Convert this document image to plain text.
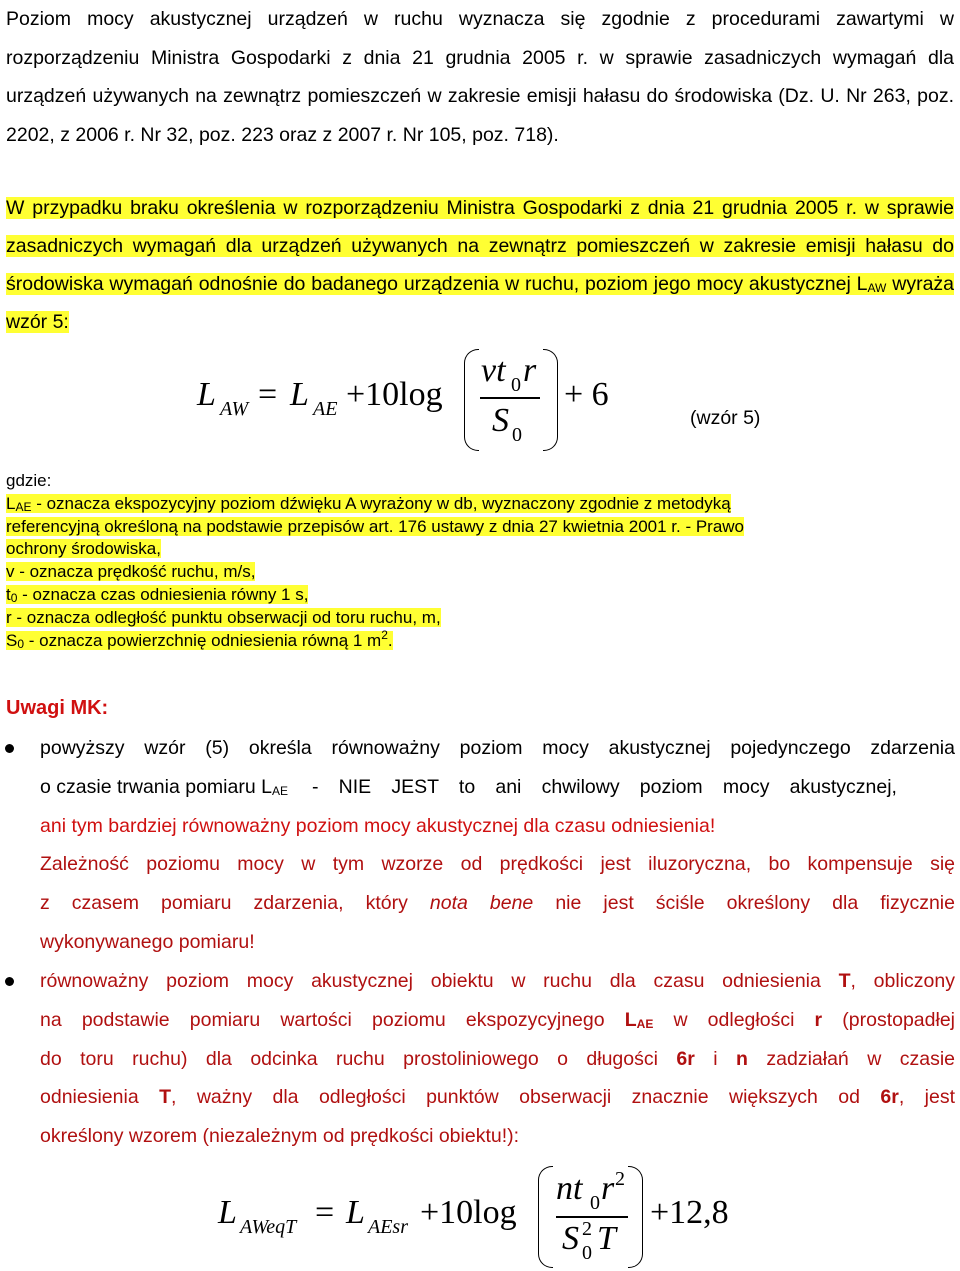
Poziom mocy akustycznej urządzeń w ruchu wyznacza się zgodnie z procedurami zawartymi w rozporządzeniu Ministra Gospodarki z dnia 21 grudnia 2005 r. w sprawie zasadniczych wymagań dla urządzeń używanych na zewnątrz pomieszczeń w zakresie emisji hałasu do środowiska (Dz. U. Nr 263, poz. 2202, z 2006 r. Nr 32, poz. 223 oraz z 2007 r. Nr 105, poz. 718).
W przypadku braku określenia w rozporządzeniu Ministra Gospodarki z dnia 21 grudnia 2005 r. w sprawie zasadniczych wymagań dla urządzeń używanych na zewnątrz pomieszczeń w zakresie emisji hałasu do środowiska wymagań odnośnie do badanego urządzenia w ruchu, poziom jego mocy akustycznej $L_{AW}$ wyraża wzór 5:
L AW = L AE +10log
vt 0 r
S 0
+ 6
(wzór 5)
gdzie:
$L_{AE}$ - oznacza ekspozycyjny poziom dźwięku A wyrażony w db, wyznaczony zgodnie z metodyką
referencyjną określoną na podstawie przepisów art. 176 ustawy z dnia 27 kwietnia 2001 r. - Prawo
ochrony środowiska,
v - oznacza prędkość ruchu, m/s,
$t_0$ - oznacza czas odniesienia równy 1 s,
r - oznacza odległość punktu obserwacji od toru ruchu, m,
$S_0$ - oznacza powierzchnię odniesienia równą 1 $m^2$.
Uwagi MK:
powyższy wzór (5) określa równoważny poziom mocy akustycznej pojedynczego zdarzenia
o czasie trwania pomiaru $L_{AE}$ - NIE JEST to ani chwilowy poziom mocy akustycznej,
ani tym bardziej równoważny poziom mocy akustycznej dla czasu odniesienia!
Zależność poziomu mocy w tym wzorze od prędkości jest iluzoryczna, bo kompensuje się
z czasem pomiaru zdarzenia, który nota bene nie jest ściśle określony dla fizycznie
wykonywanego pomiaru!
równoważny poziom mocy akustycznej obiektu w ruchu dla czasu odniesienia T, obliczony
na podstawie pomiaru wartości poziomu ekspozycyjnego $L_{AE}$ w odległości r (prostopadłej
do toru ruchu) dla odcinka ruchu prostoliniowego o długości 6r i n zadziałań w czasie
odniesienia T, ważny dla odległości punktów obserwacji znacznie większych od 6r, jest
określony wzorem (niezależnym od prędkości obiektu!):
L AWeqT = L AEsr +10log
nt 0 r 2
S 0
2 T
+12,8
